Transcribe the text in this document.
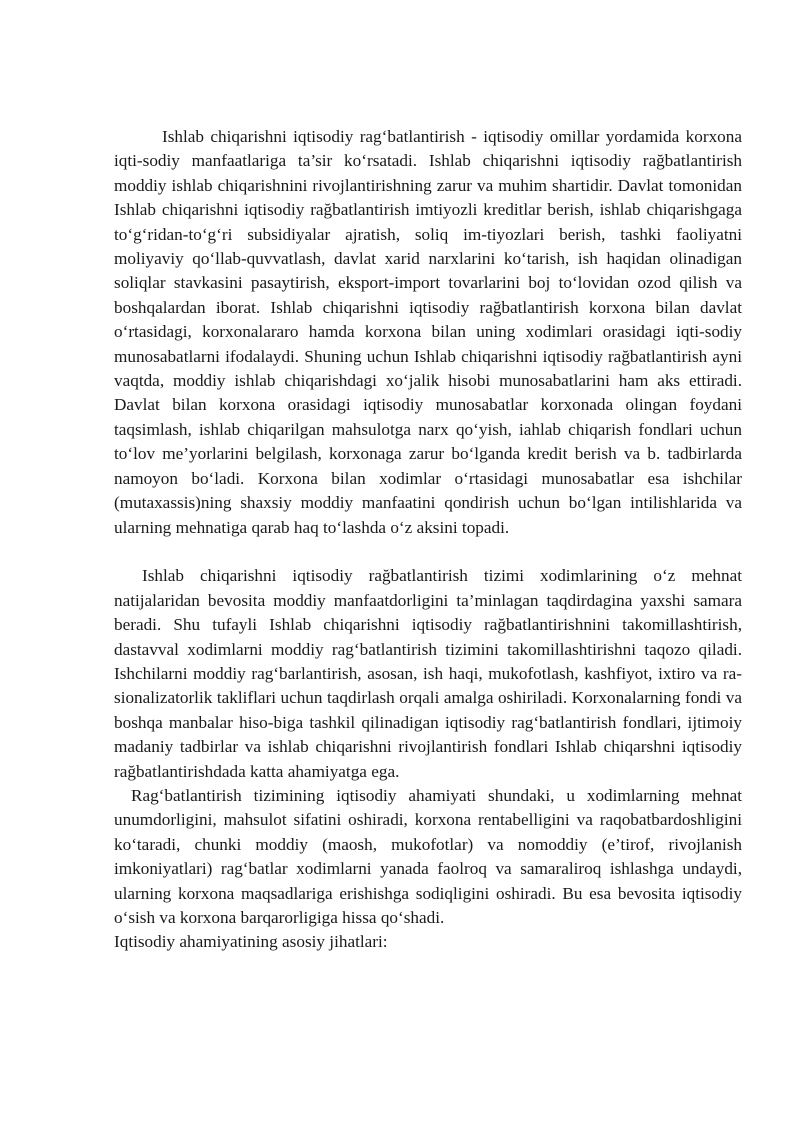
Ishlab chiqarishni iqtisodiy rag‘batlantirish - iqtisodiy omillar yordamida korxona iqti-sodiy manfaatlariga ta’sir ko‘rsatadi. Ishlab chiqarishni iqtisodiy rağbatlantirish moddiy ishlab chiqarishnini rivojlantirishning zarur va muhim shartidir. Davlat tomonidan Ishlab chiqarishni iqtisodiy rağbatlantirish imtiyozli kreditlar berish, ishlab chiqarishgaga to‘g‘ridan-to‘g‘ri subsidiyalar ajratish, soliq im-tiyozlari berish, tashki faoliyatni moliyaviy qo‘llab-quvvatlash, davlat xarid narxlarini ko‘tarish, ish haqidan olinadigan soliqlar stavkasini pasaytirish, eksport-import tovarlarini boj to‘lovidan ozod qilish va boshqalardan iborat. Ishlab chiqarishni iqtisodiy rağbatlantirish korxona bilan davlat o‘rtasidagi, korxonalararo hamda korxona bilan uning xodimlari orasidagi iqti-sodiy munosabatlarni ifodalaydi. Shuning uchun Ishlab chiqarishni iqtisodiy rağbatlantirish ayni vaqtda, moddiy ishlab chiqarishdagi xo‘jalik hisobi munosabatlarini ham aks ettiradi. Davlat bilan korxona orasidagi iqtisodiy munosabatlar korxonada olingan foydani taqsimlash, ishlab chiqarilgan mahsulotga narx qo‘yish, iahlab chiqarish fondlari uchun to‘lov me’yorlarini belgilash, korxonaga zarur bo‘lganda kredit berish va b. tadbirlarda namoyon bo‘ladi. Korxona bilan xodimlar o‘rtasidagi munosabatlar esa ishchilar (mutaxassis)ning shaxsiy moddiy manfaatini qondirish uchun bo‘lgan intilishlarida va ularning mehnatiga qarab haq to‘lashda o‘z aksini topadi.

Ishlab chiqarishni iqtisodiy rağbatlantirish tizimi xodimlarining o‘z mehnat natijalaridan bevosita moddiy manfaatdorligini ta’minlagan taqdirdagina yaxshi samara beradi. Shu tufayli Ishlab chiqarishni iqtisodiy rağbatlantirishnini takomillashtirish, dastavval xodimlarni moddiy rag‘batlantirish tizimini takomillashtirishni taqozo qiladi. Ishchilarni moddiy rag‘barlantirish, asosan, ish haqi, mukofotlash, kashfiyot, ixtiro va ra-sionalizatorlik takliflari uchun taqdirlash orqali amalga oshiriladi. Korxonalarning fondi va boshqa manbalar hiso-biga tashkil qilinadigan iqtisodiy rag‘batlantirish fondlari, ijtimoiy madaniy tadbirlar va ishlab chiqarishni rivojlantirish fondlari Ishlab chiqarshni iqtisodiy rağbatlantirishdada katta ahamiyatga ega.

Rag‘batlantirish tizimining iqtisodiy ahamiyati shundaki, u xodimlarning mehnat unumdorligini, mahsulot sifatini oshiradi, korxona rentabelligini va raqobatbardoshligini ko‘taradi, chunki moddiy (maosh, mukofotlar) va nomoddiy (e’tirof, rivojlanish imkoniyatlari) rag‘batlar xodimlarni yanada faolroq va samaraliroq ishlashga undaydi, ularning korxona maqsadlariga erishishga sodiqligini oshiradi. Bu esa bevosita iqtisodiy o‘sish va korxona barqarorligiga hissa qo‘shadi.

Iqtisodiy ahamiyatining asosiy jihatlari:
